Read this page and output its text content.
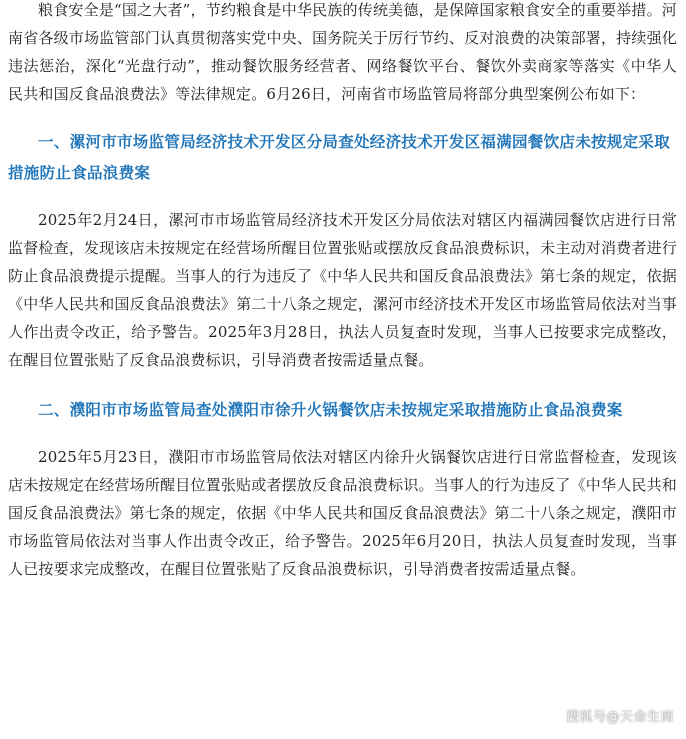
粮食安全是“国之大者”，节约粮食是中华民族的传统美德，是保障国家粮食安全的重要举措。河南省各级市场监管部门认真贯彻落实党中央、国务院关于厉行节约、反对浪费的决策部署，持续强化违法惩治，深化“光盘行动”，推动餐饮服务经营者、网络餐饮平台、餐饮外卖商家等落实《中华人民共和国反食品浪费法》等法律规定。6月26日，河南省市场监管局将部分典型案例公布如下：

一、漯河市市场监管局经济技术开发区分局查处经济技术开发区福满园餐饮店未按规定采取措施防止食品浪费案

2025年2月24日，漯河市市场监管局经济技术开发区分局依法对辖区内福满园餐饮店进行日常监督检查，发现该店未按规定在经营场所醒目位置张贴或摆放反食品浪费标识，未主动对消费者进行防止食品浪费提示提醒。当事人的行为违反了《中华人民共和国反食品浪费法》第七条的规定，依据《中华人民共和国反食品浪费法》第二十八条之规定，漯河市经济技术开发区市场监管局依法对当事人作出责令改正，给予警告。2025年3月28日，执法人员复查时发现，当事人已按要求完成整改，在醒目位置张贴了反食品浪费标识，引导消费者按需适量点餐。

二、濮阳市市场监管局查处濮阳市徐升火锅餐饮店未按规定采取措施防止食品浪费案

2025年5月23日，濮阳市市场监管局依法对辖区内徐升火锅餐饮店进行日常监督检查，发现该店未按规定在经营场所醒目位置张贴或者摆放反食品浪费标识。当事人的行为违反了《中华人民共和国反食品浪费法》第七条的规定，依据《中华人民共和国反食品浪费法》第二十八条之规定，濮阳市市场监管局依法对当事人作出责令改正，给予警告。2025年6月20日，执法人员复查时发现，当事人已按要求完成整改，在醒目位置张贴了反食品浪费标识，引导消费者按需适量点餐。

搜狐号@天命生商
